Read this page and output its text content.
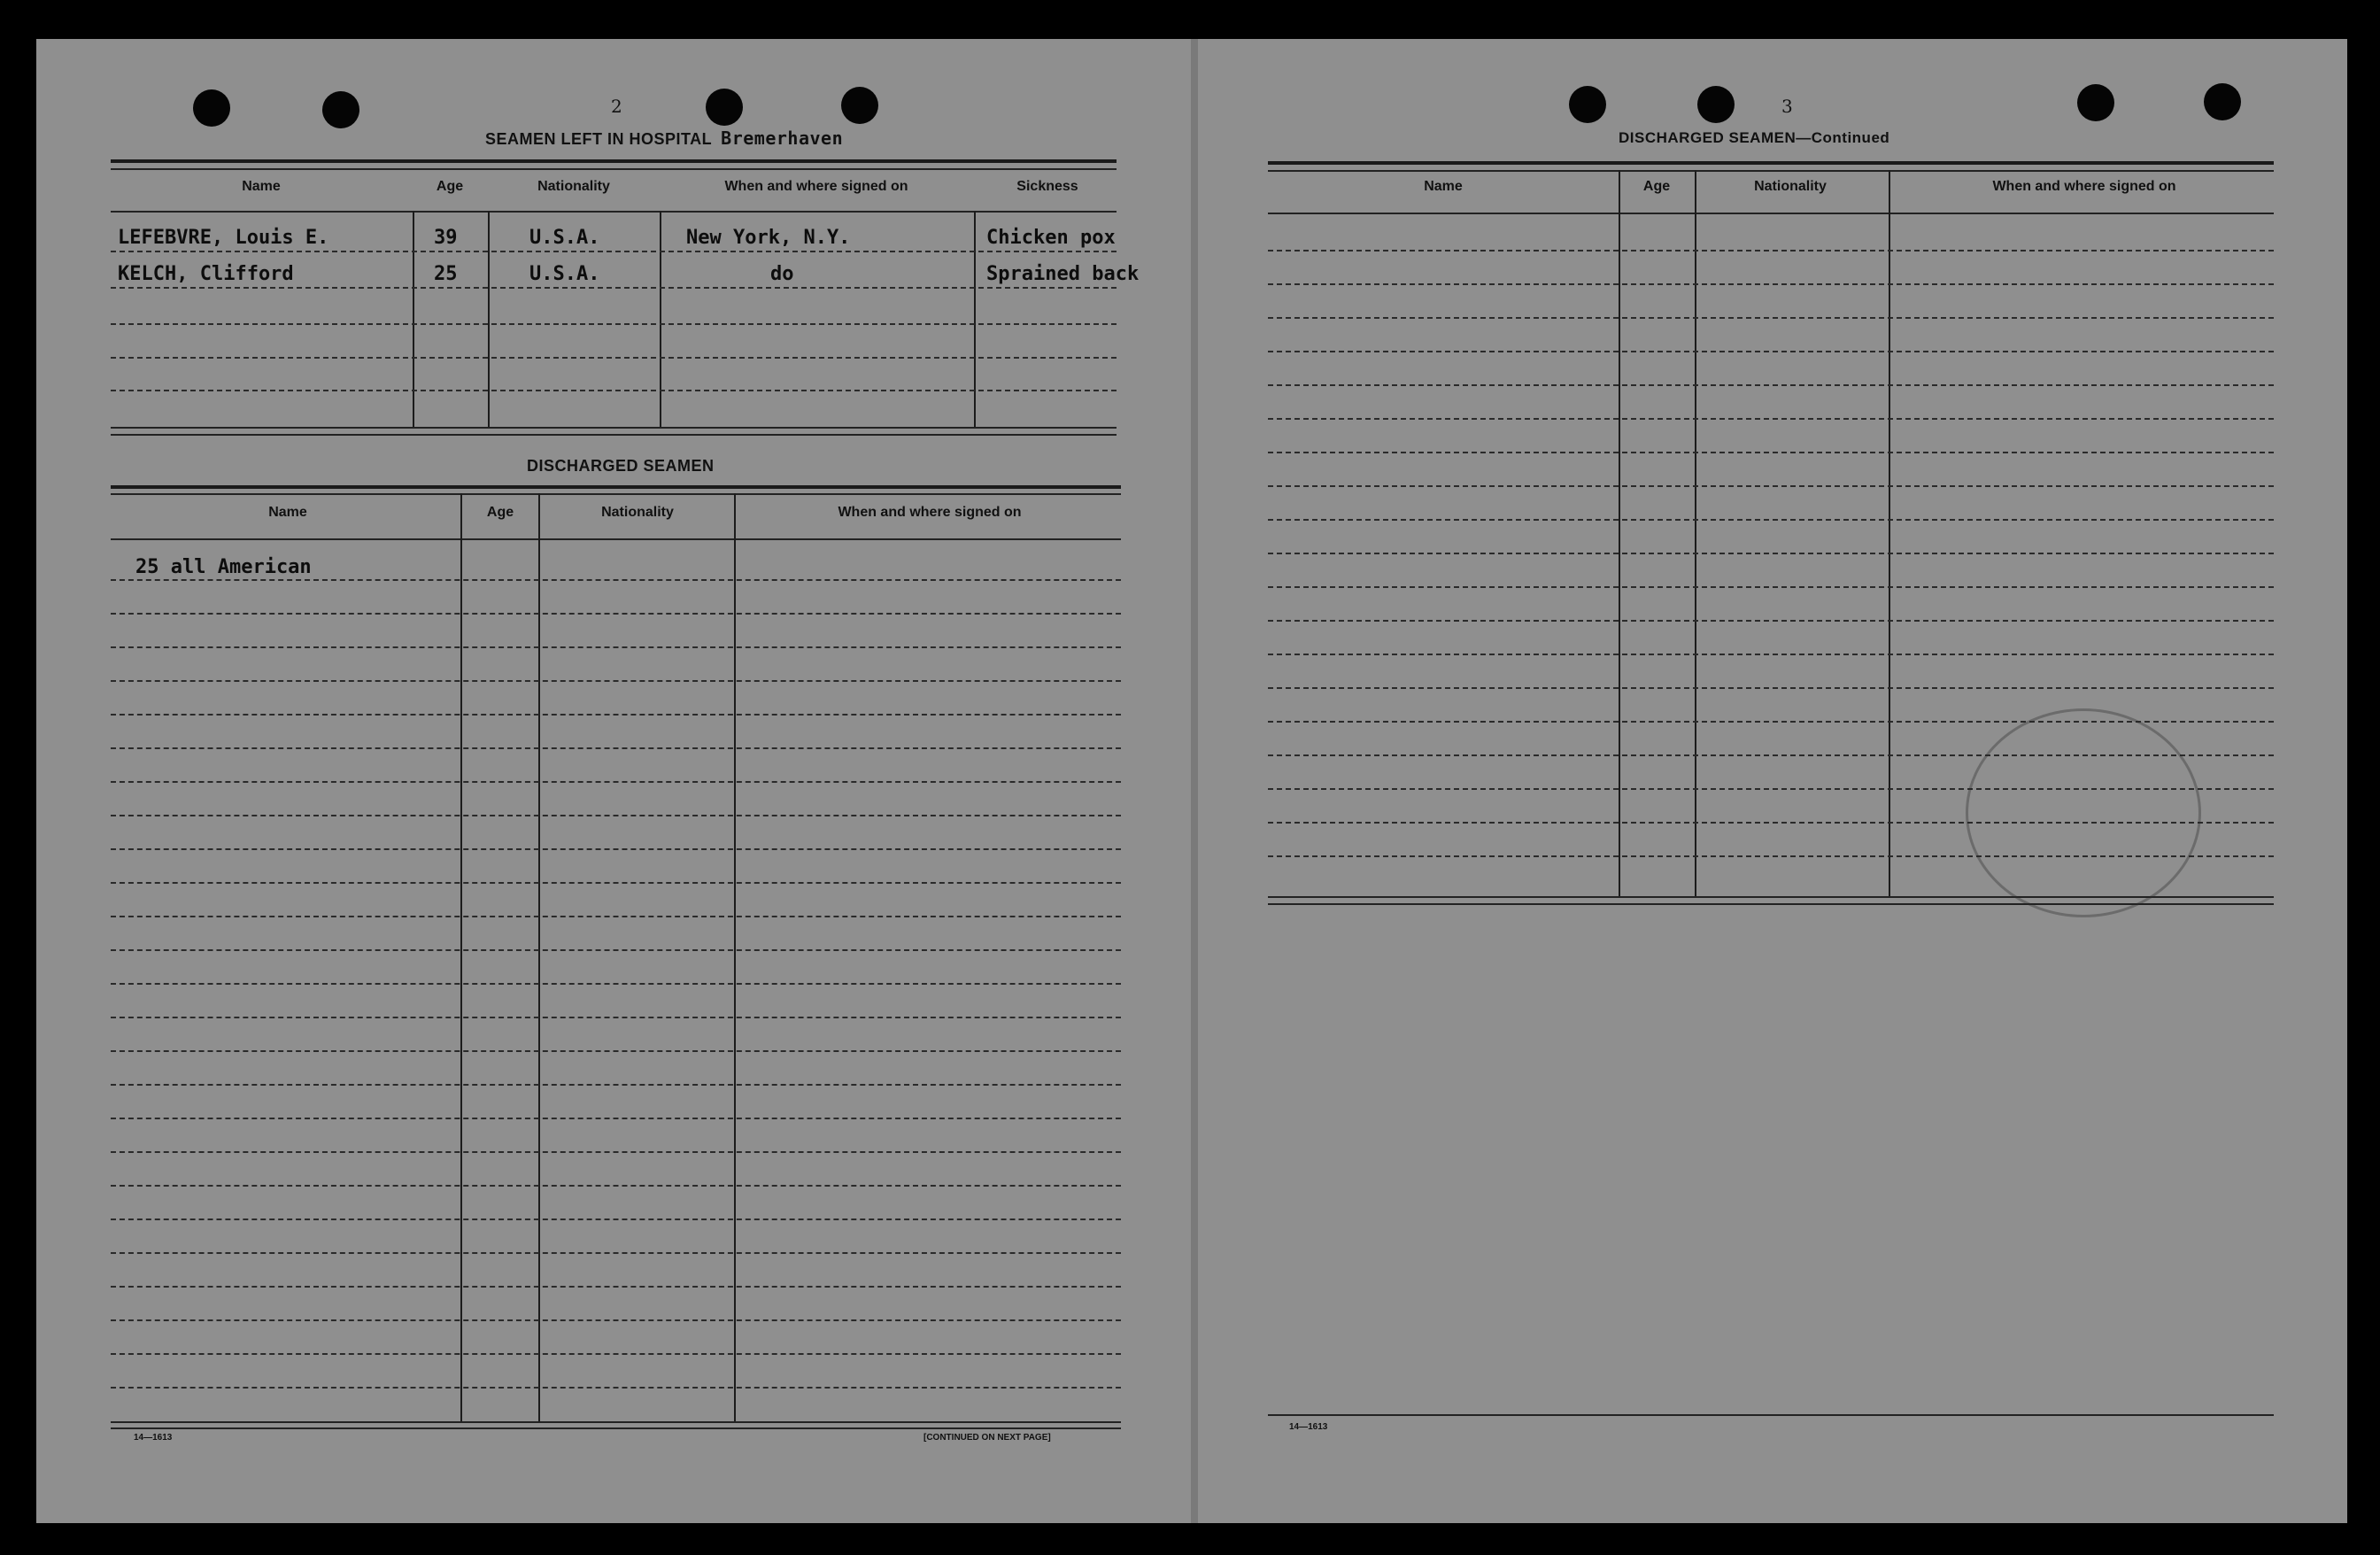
2
SEAMEN LEFT IN HOSPITAL Bremerhaven
Name	Age	Nationality	When and where signed on	Sickness
LEFEBVRE, Louis E.	39	U.S.A.	New York, N.Y.	Chicken pox
KELCH, Clifford	25	U.S.A.	do	Sprained back
DISCHARGED SEAMEN
Name	Age	Nationality	When and where signed on
25 all American
14—1613	[CONTINUED ON NEXT PAGE]
3
DISCHARGED SEAMEN—Continued
Name	Age	Nationality	When and where signed on
14—1613
